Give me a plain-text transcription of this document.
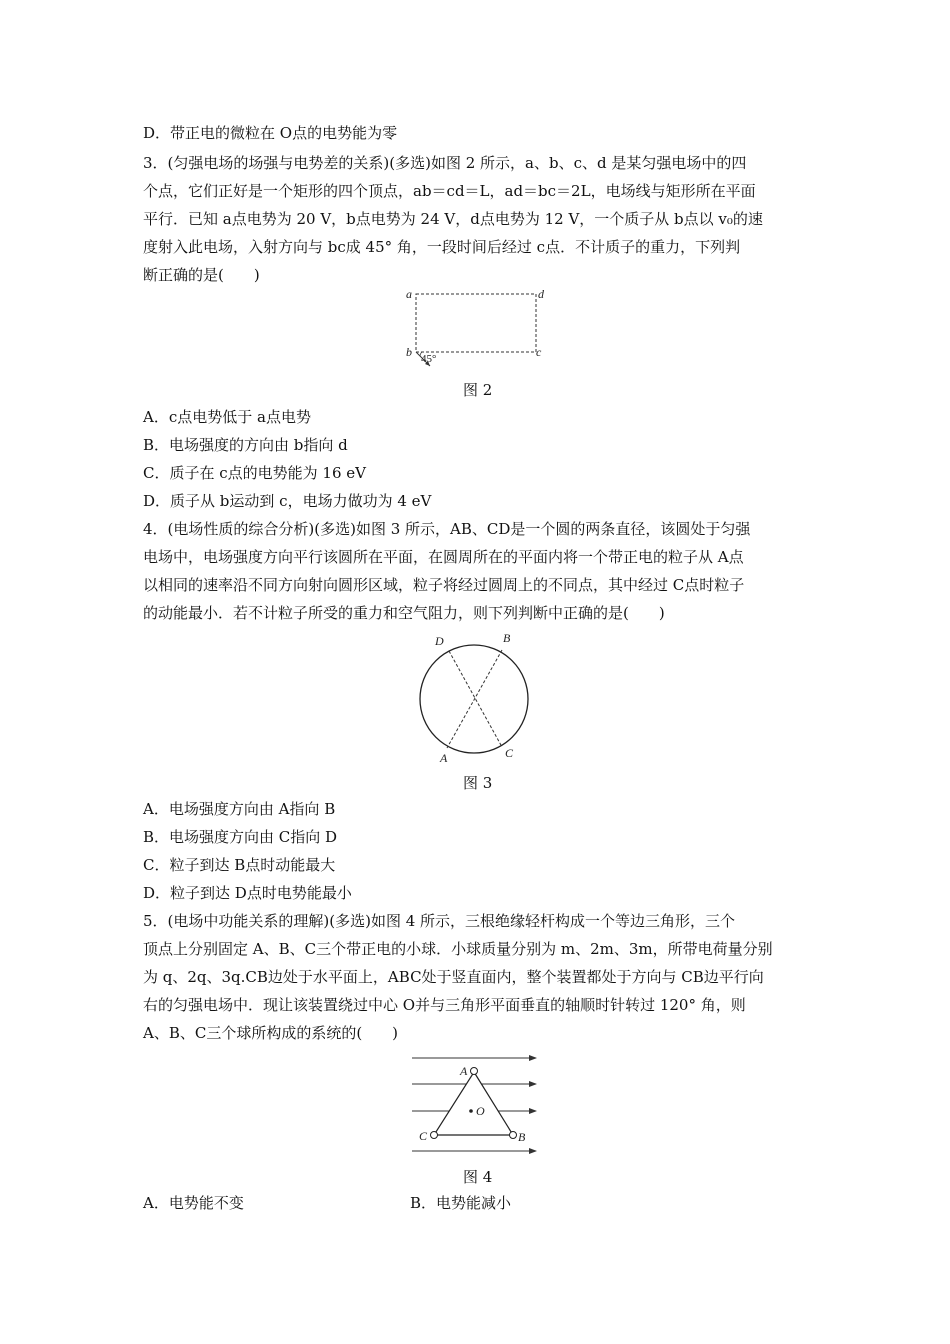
D．带正电的微粒在 O点的电势能为零
3．(匀强电场的场强与电势差的关系)(多选)如图 2 所示，a、b、c、d 是某匀强电场中的四
个点，它们正好是一个矩形的四个顶点，ab＝cd＝L，ad＝bc＝2L，电场线与矩形所在平面
平行．已知 a点电势为 20 V，b点电势为 24 V，d点电势为 12 V，一个质子从 b点以 v₀的速
度射入此电场，入射方向与 bc成 45° 角，一段时间后经过 c点．不计质子的重力，下列判
断正确的是(　　)
a	d
b	c
45°
图 2
A．c点电势低于 a点电势
B．电场强度的方向由 b指向 d
C．质子在 c点的电势能为 16 eV
D．质子从 b运动到 c，电场力做功为 4 eV
4．(电场性质的综合分析)(多选)如图 3 所示，AB、CD是一个圆的两条直径，该圆处于匀强
电场中，电场强度方向平行该圆所在平面，在圆周所在的平面内将一个带正电的粒子从 A点
以相同的速率沿不同方向射向圆形区域，粒子将经过圆周上的不同点，其中经过 C点时粒子
的动能最小．若不计粒子所受的重力和空气阻力，则下列判断中正确的是(　　)
D	B
A	C
图 3
A．电场强度方向由 A指向 B
B．电场强度方向由 C指向 D
C．粒子到达 B点时动能最大
D．粒子到达 D点时电势能最小
5．(电场中功能关系的理解)(多选)如图 4 所示，三根绝缘轻杆构成一个等边三角形，三个
顶点上分别固定 A、B、C三个带正电的小球．小球质量分别为 m、2m、3m，所带电荷量分别
为 q、2q、3q.CB边处于水平面上，ABC处于竖直面内，整个装置都处于方向与 CB边平行向
右的匀强电场中．现让该装置绕过中心 O并与三角形平面垂直的轴顺时针转过 120° 角，则
A、B、C三个球所构成的系统的(　　)
A
O
C	B
图 4
A．电势能不变	B．电势能减小
